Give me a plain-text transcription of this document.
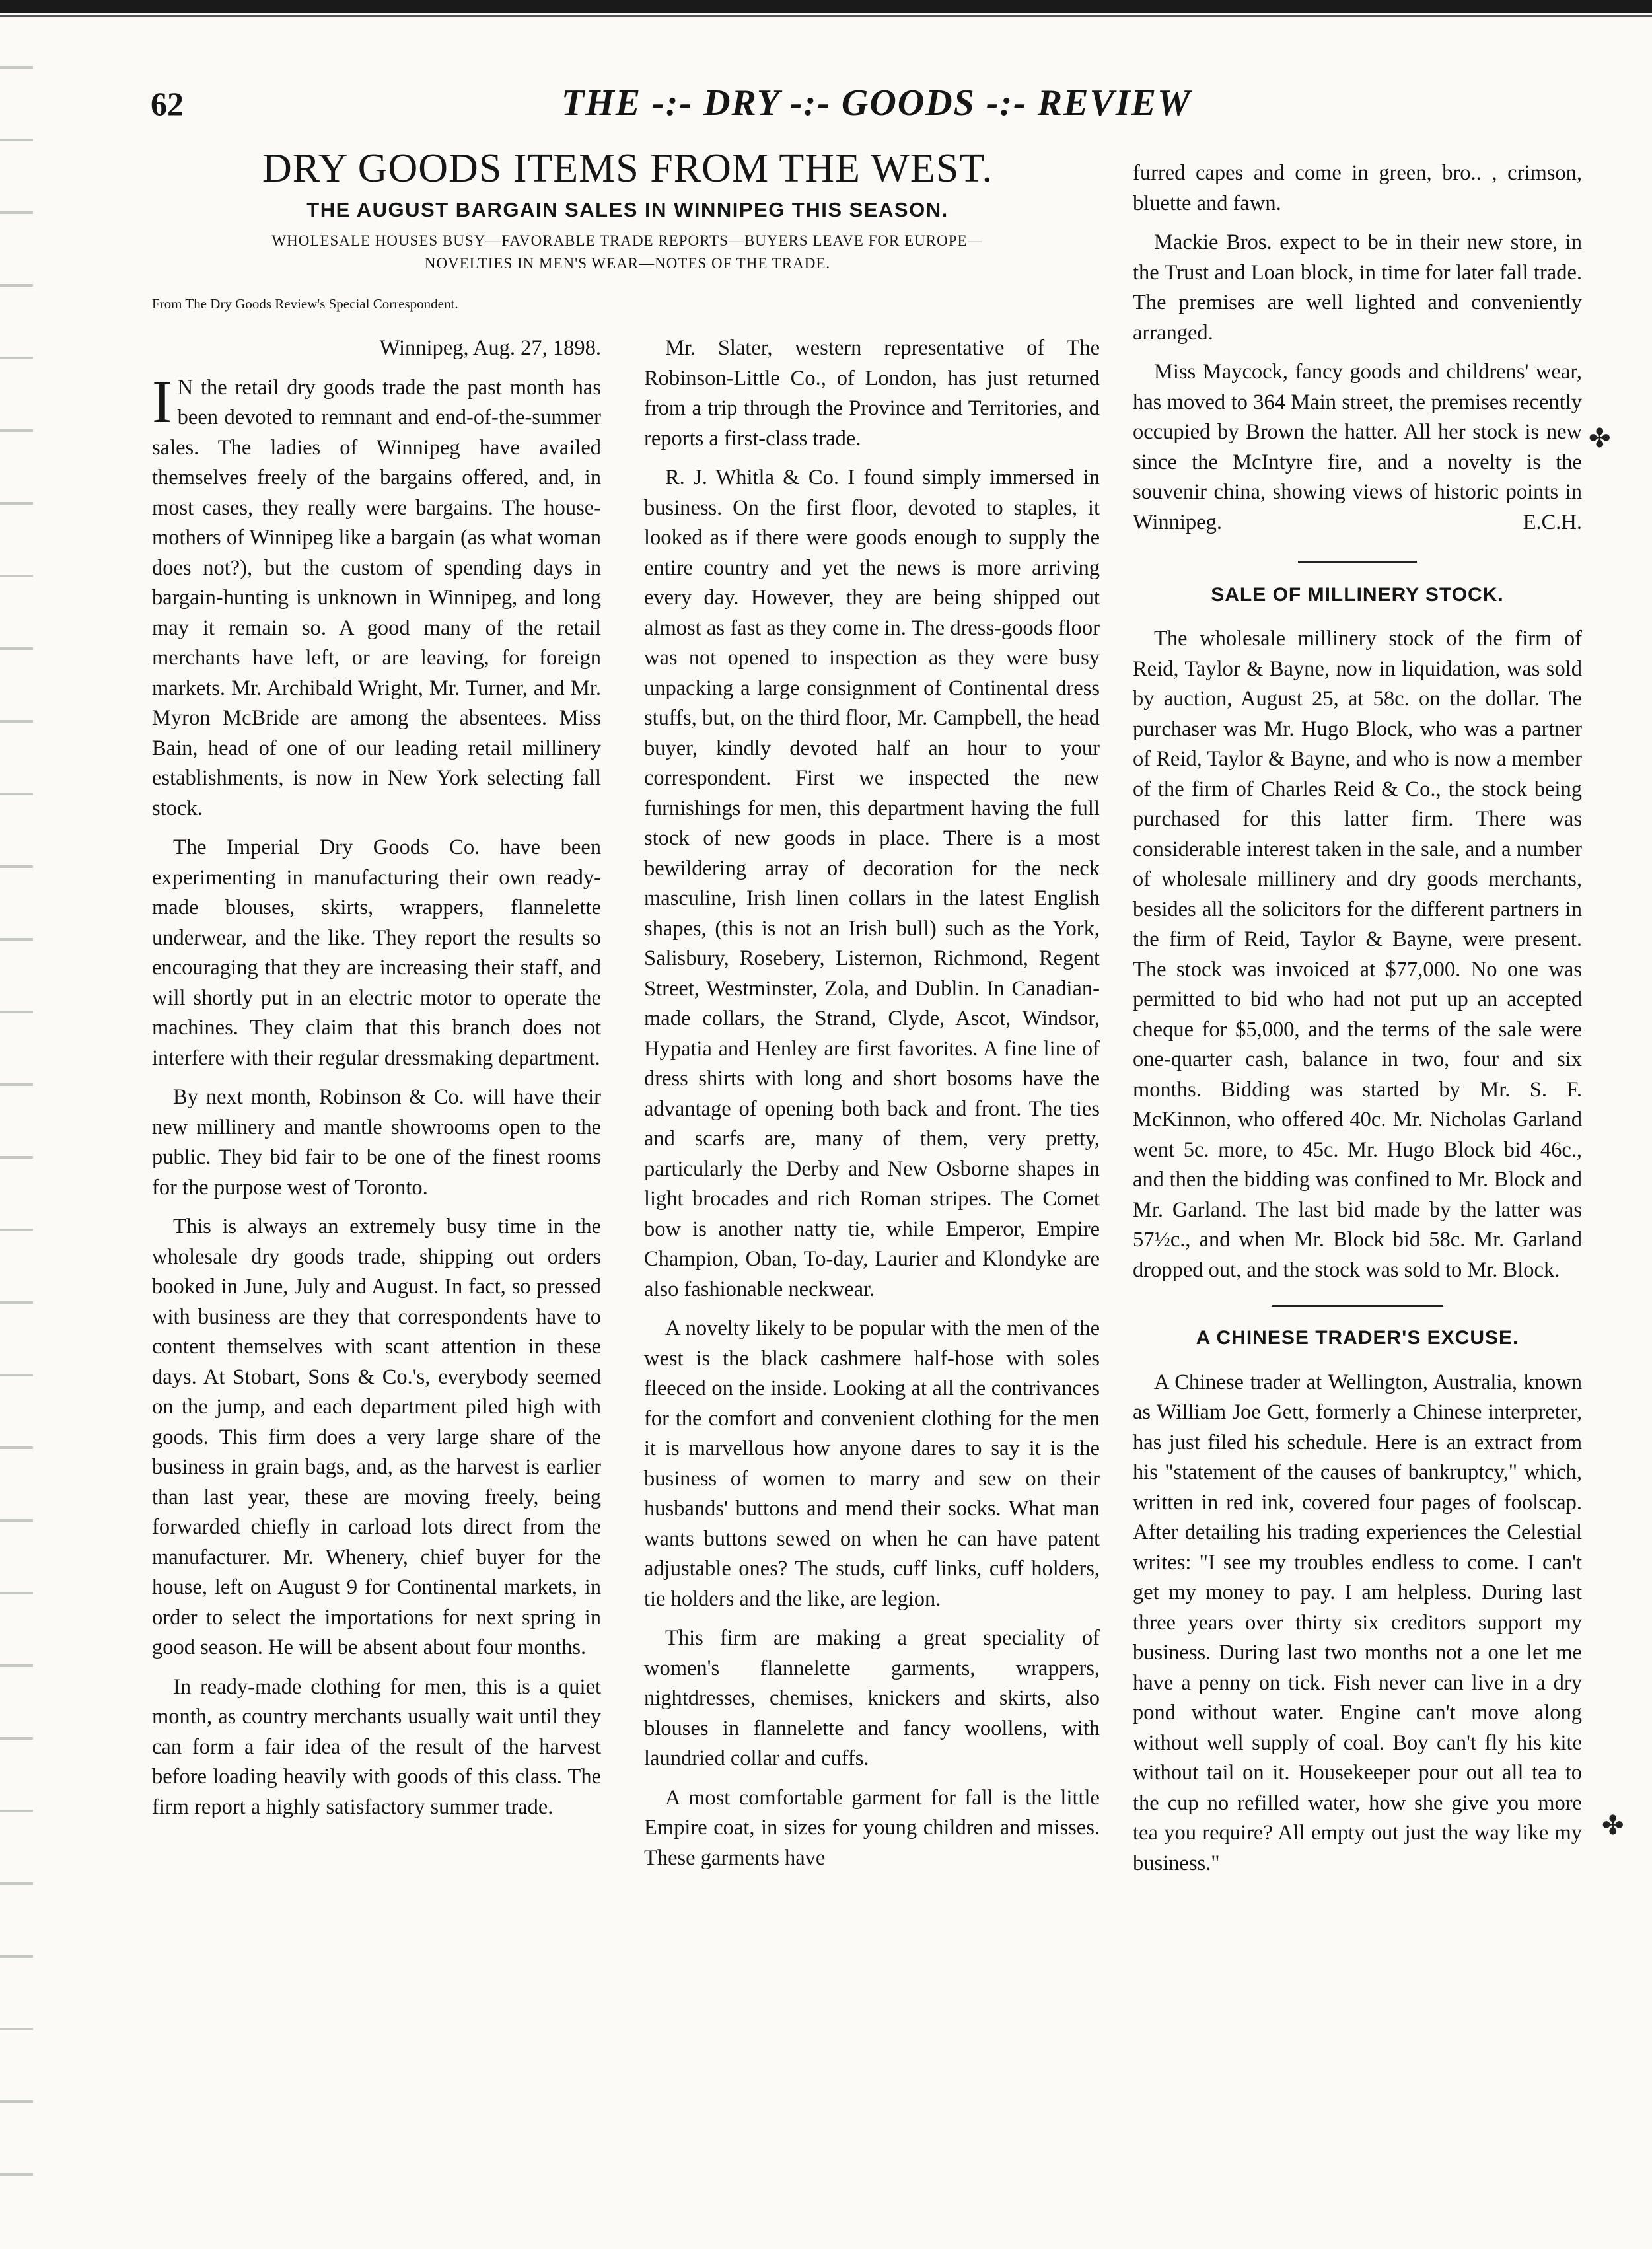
62	THE -:- DRY -:- GOODS -:- REVIEW
DRY GOODS ITEMS FROM THE WEST.
THE AUGUST BARGAIN SALES IN WINNIPEG THIS SEASON.
WHOLESALE HOUSES BUSY—FAVORABLE TRADE REPORTS—BUYERS LEAVE FOR EUROPE—
NOVELTIES IN MEN'S WEAR—NOTES OF THE TRADE.
From The Dry Goods Review's Special Correspondent.

Winnipeg, Aug. 27, 1898.

I N the retail dry goods trade the past month has been devoted to remnant and end-of-the-summer sales. The ladies of Winnipeg have availed themselves freely of the bargains offered, and, in most cases, they really were bargains. The house-mothers of Winnipeg like a bargain (as what woman does not?), but the custom of spending days in bargain-hunting is unknown in Winnipeg, and long may it remain so. A good many of the retail merchants have left, or are leaving, for foreign markets. Mr. Archibald Wright, Mr. Turner, and Mr. Myron McBride are among the absentees. Miss Bain, head of one of our leading retail millinery establishments, is now in New York selecting fall stock.

The Imperial Dry Goods Co. have been experimenting in manufacturing their own ready-made blouses, skirts, wrappers, flannelette underwear, and the like. They report the results so encouraging that they are increasing their staff, and will shortly put in an electric motor to operate the machines. They claim that this branch does not interfere with their regular dressmaking department.

By next month, Robinson & Co. will have their new millinery and mantle showrooms open to the public. They bid fair to be one of the finest rooms for the purpose west of Toronto.

This is always an extremely busy time in the wholesale dry goods trade, shipping out orders booked in June, July and August. In fact, so pressed with business are they that correspondents have to content themselves with scant attention in these days. At Stobart, Sons & Co.'s, everybody seemed on the jump, and each department piled high with goods. This firm does a very large share of the business in grain bags, and, as the harvest is earlier than last year, these are moving freely, being forwarded chiefly in carload lots direct from the manufacturer. Mr. Whenery, chief buyer for the house, left on August 9 for Continental markets, in order to select the importations for next spring in good season. He will be absent about four months.

In ready-made clothing for men, this is a quiet month, as country merchants usually wait until they can form a fair idea of the result of the harvest before loading heavily with goods of this class. The firm report a highly satisfactory summer trade.

Mr. Slater, western representative of The Robinson-Little Co., of London, has just returned from a trip through the Province and Territories, and reports a first-class trade.

R. J. Whitla & Co. I found simply immersed in business. On the first floor, devoted to staples, it looked as if there were goods enough to supply the entire country and yet the news is more arriving every day. However, they are being shipped out almost as fast as they come in. The dress-goods floor was not opened to inspection as they were busy unpacking a large consignment of Continental dress stuffs, but, on the third floor, Mr. Campbell, the head buyer, kindly devoted half an hour to your correspondent. First we inspected the new furnishings for men, this department having the full stock of new goods in place. There is a most bewildering array of decoration for the neck masculine, Irish linen collars in the latest English shapes, (this is not an Irish bull) such as the York, Salisbury, Rosebery, Listernon, Richmond, Regent Street, Westminster, Zola, and Dublin. In Canadian-made collars, the Strand, Clyde, Ascot, Windsor, Hypatia and Henley are first favorites. A fine line of dress shirts with long and short bosoms have the advantage of opening both back and front. The ties and scarfs are, many of them, very pretty, particularly the Derby and New Osborne shapes in light brocades and rich Roman stripes. The Comet bow is another natty tie, while Emperor, Empire Champion, Oban, To-day, Laurier and Klondyke are also fashionable neckwear.

A novelty likely to be popular with the men of the west is the black cashmere half-hose with soles fleeced on the inside. Looking at all the contrivances for the comfort and convenient clothing for the men it is marvellous how anyone dares to say it is the business of women to marry and sew on their husbands' buttons and mend their socks. What man wants buttons sewed on when he can have patent adjustable ones? The studs, cuff links, cuff holders, tie holders and the like, are legion.

This firm are making a great speciality of women's flannelette garments, wrappers, nightdresses, chemises, knickers and skirts, also blouses in flannelette and fancy woollens, with laundried collar and cuffs.

A most comfortable garment for fall is the little Empire coat, in sizes for young children and misses. These garments have

furred capes and come in green, bro.. , crimson, bluette and fawn.

Mackie Bros. expect to be in their new store, in the Trust and Loan block, in time for later fall trade. The premises are well lighted and conveniently arranged.

Miss Maycock, fancy goods and childrens' wear, has moved to 364 Main street, the premises recently occupied by Brown the hatter. All her stock is new since the McIntyre fire, and a novelty is the souvenir china, showing views of historic points in Winnipeg.	E.C.H.

SALE OF MILLINERY STOCK.

The wholesale millinery stock of the firm of Reid, Taylor & Bayne, now in liquidation, was sold by auction, August 25, at 58c. on the dollar. The purchaser was Mr. Hugo Block, who was a partner of Reid, Taylor & Bayne, and who is now a member of the firm of Charles Reid & Co., the stock being purchased for this latter firm. There was considerable interest taken in the sale, and a number of wholesale millinery and dry goods merchants, besides all the solicitors for the different partners in the firm of Reid, Taylor & Bayne, were present. The stock was invoiced at $77,000. No one was permitted to bid who had not put up an accepted cheque for $5,000, and the terms of the sale were one-quarter cash, balance in two, four and six months. Bidding was started by Mr. S. F. McKinnon, who offered 40c. Mr. Nicholas Garland went 5c. more, to 45c. Mr. Hugo Block bid 46c., and then the bidding was confined to Mr. Block and Mr. Garland. The last bid made by the latter was 57½c., and when Mr. Block bid 58c. Mr. Garland dropped out, and the stock was sold to Mr. Block.

A CHINESE TRADER'S EXCUSE.

A Chinese trader at Wellington, Australia, known as William Joe Gett, formerly a Chinese interpreter, has just filed his schedule. Here is an extract from his "statement of the causes of bankruptcy," which, written in red ink, covered four pages of foolscap. After detailing his trading experiences the Celestial writes: "I see my troubles endless to come. I can't get my money to pay. I am helpless. During last three years over thirty six creditors support my business. During last two months not a one let me have a penny on tick. Fish never can live in a dry pond without water. Engine can't move along without well supply of coal. Boy can't fly his kite without tail on it. Housekeeper pour out all tea to the cup no refilled water, how she give you more tea you require? All empty out just the way like my business."

✤
✤
